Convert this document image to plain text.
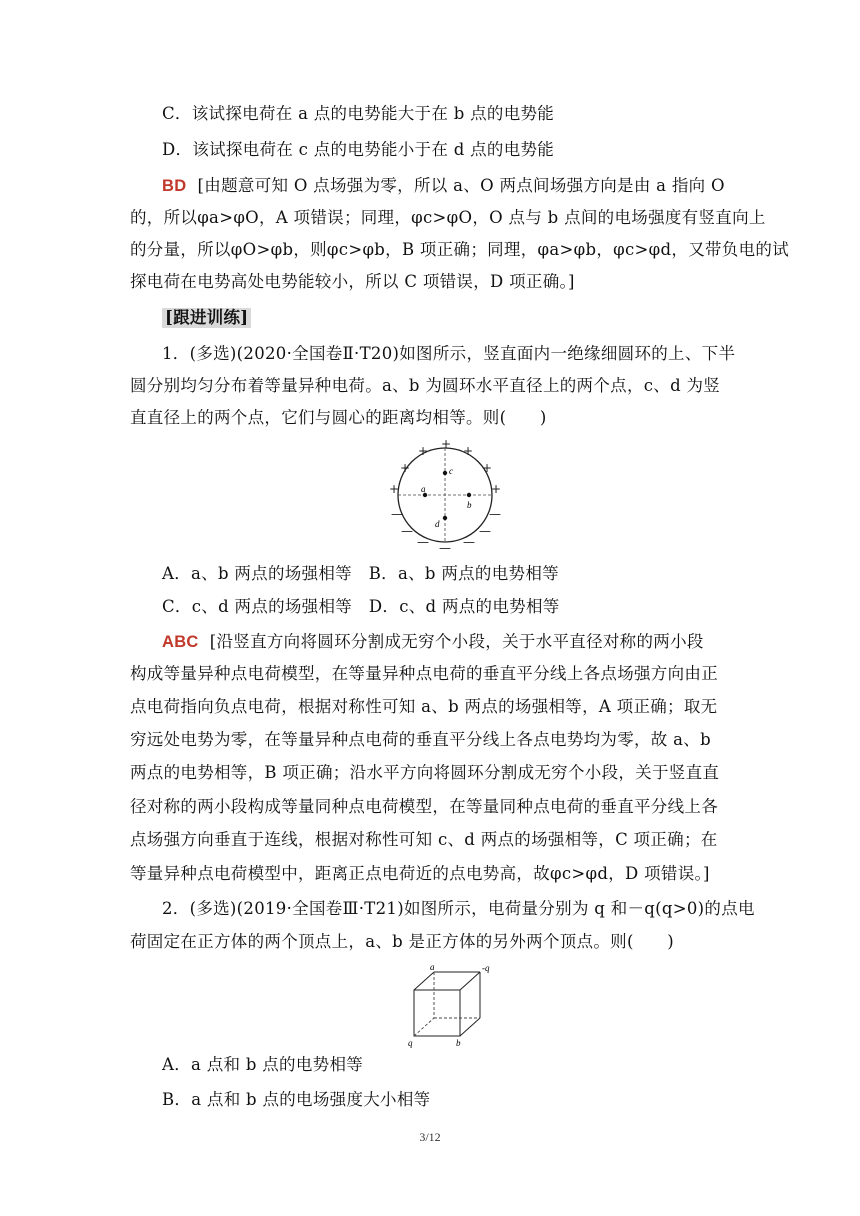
C．该试探电荷在 a 点的电势能大于在 b 点的电势能
D．该试探电荷在 c 点的电势能小于在 d 点的电势能
BD [由题意可知 O 点场强为零，所以 a、O 两点间场强方向是由 a 指向 O
的，所以φa>φO，A 项错误；同理，φc>φO，O 点与 b 点间的电场强度有竖直向上
的分量，所以φO>φb，则φc>φb，B 项正确；同理，φa>φb，φc>φd，又带负电的试
探电荷在电势高处电势能较小，所以 C 项错误，D 项正确。]
[跟进训练]
1．(多选)(2020·全国卷Ⅱ·T20)如图所示，竖直面内一绝缘细圆环的上、下半
圆分别均匀分布着等量异种电荷。a、b 为圆环水平直径上的两个点，c、d 为竖
直直径上的两个点，它们与圆心的距离均相等。则(　　)
a
b
c
d
+
+	+
+	+
+	+
—	—
—	—
—	—
—
A．a、b 两点的场强相等　B．a、b 两点的电势相等
C．c、d 两点的场强相等　D．c、d 两点的电势相等
ABC [沿竖直方向将圆环分割成无穷个小段，关于水平直径对称的两小段
构成等量异种点电荷模型，在等量异种点电荷的垂直平分线上各点场强方向由正
点电荷指向负点电荷，根据对称性可知 a、b 两点的场强相等，A 项正确；取无
穷远处电势为零，在等量异种点电荷的垂直平分线上各点电势均为零，故 a、b
两点的电势相等，B 项正确；沿水平方向将圆环分割成无穷个小段，关于竖直直
径对称的两小段构成等量同种点电荷模型，在等量同种点电荷的垂直平分线上各
点场强方向垂直于连线，根据对称性可知 c、d 两点的场强相等，C 项正确；在
等量异种点电荷模型中，距离正点电荷近的点电势高，故φc>φd，D 项错误。]
2．(多选)(2019·全国卷Ⅲ·T21)如图所示，电荷量分别为 q 和－q(q>0)的点电
荷固定在正方体的两个顶点上，a、b 是正方体的另外两个顶点。则(　　)
a	-q
q	b
A．a 点和 b 点的电势相等
B．a 点和 b 点的电场强度大小相等
3/12
